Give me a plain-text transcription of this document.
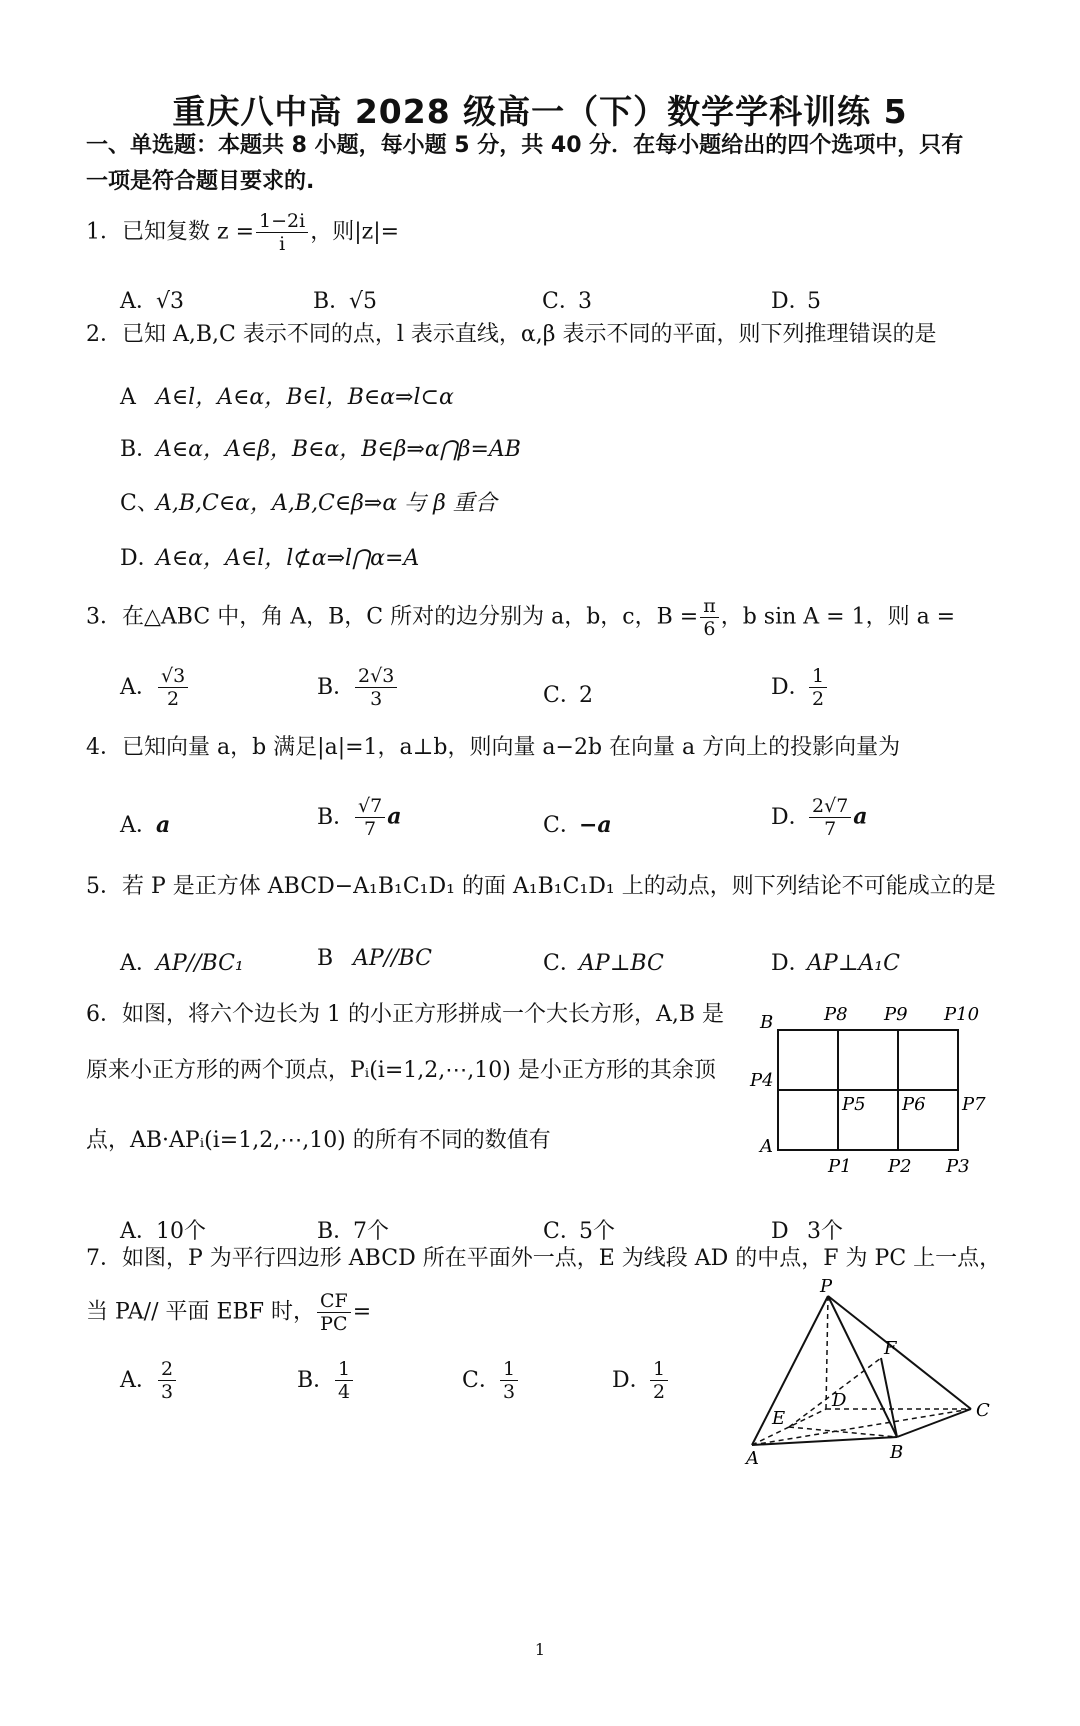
重庆八中高 2028 级高一（下）数学学科训练 5
一、单选题：本题共 8 小题，每小题 5 分，共 40 分．在每小题给出的四个选项中，只有
一项是符合题目要求的.
1．已知复数 $z = \frac{1-2i}{i}$ ，则|z|=
A．√3	B．√5	C．3	D．5
2．已知 A,B,C 表示不同的点，l 表示直线，α,β 表示不同的平面，则下列推理错误的是
A A∈l，A∈α，B∈l，B∈α⇒l⊂α
B．A∈α，A∈β，B∈α，B∈β⇒α⋂β=AB
C、A,B,C∈α，A,B,C∈β⇒α 与 β 重合
D．A∈α，A∈l，l⊄α⇒l⋂α=A
3．在△ABC 中，角 A，B，C 所对的边分别为 a，b，c，$B = \frac{\pi}{6}$ ，b sin A = 1，则 a =
A． $\frac{√3}{2}$	B． $\frac{2√3}{3}$	C．2	D．
$\frac{1}{2}$
4．已知向量 a，b 满足|a|=1，a⊥b，则向量 a−2b 在向量 a 方向上的投影向量为
A．a	B． $\frac{√7}{7}$ a	C．−a	D．
$\frac{2√7}{7}$ a
5．若 P 是正方体 ABCD−A₁B₁C₁D₁ 的面 A₁B₁C₁D₁ 上的动点，则下列结论不可能成立的是
A．AP//BC₁	B AP//BC	C．AP⊥BC	D．AP⊥A₁C
6．如图，将六个边长为 1 的小正方形拼成一个大长方形，A,B 是
原来小正方形的两个顶点，Pᵢ(i=1,2,⋯,10) 是小正方形的其余顶
点，AB·APᵢ(i=1,2,⋯,10) 的所有不同的数值有
B	P8 P9 P10
P4
P5 P6 P7
A
P1 P2 P3
A．10个	B．7个	C．5个	D 3个
7．如图，P 为平行四边形 ABCD 所在平面外一点，E 为线段 AD 的中点，F 为 PC 上一点，
当 PA// 平面 EBF 时， $\frac{CF}{PC}$ =
A． $\frac{2}{3}$	B． $\frac{1}{4}$	C． $\frac{1}{3}$	D．
$\frac{1}{2}$
P
F
D
E	C
A	B
1
